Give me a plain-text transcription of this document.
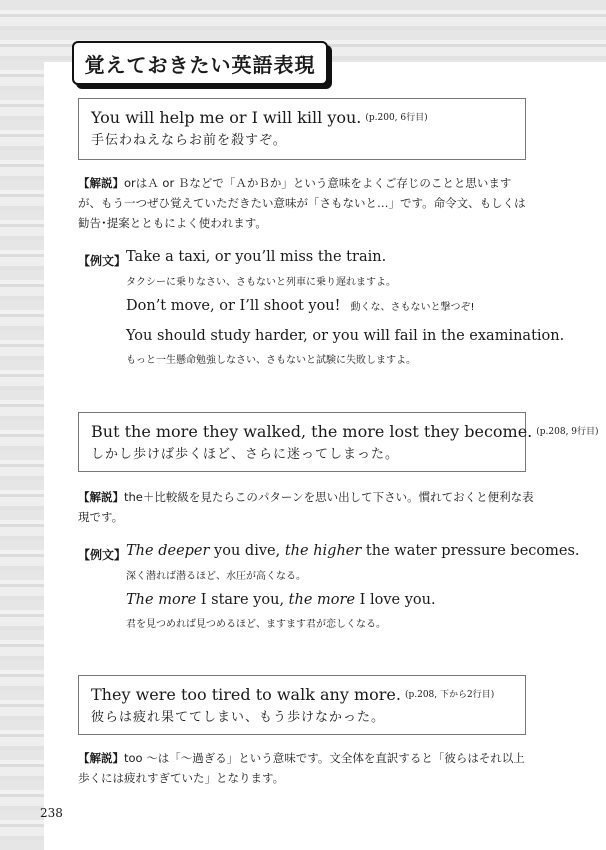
覚えておきたい英語表現
You will help me or I will kill you. (p.200, 6行目)
手伝わねえならお前を殺すぞ。
【解説】orはＡ or Ｂなどで「ＡかＢか」という意味をよくご存じのことと思いますが、もう一つぜひ覚えていただきたい意味が「さもないと…」です。命令文、もしくは勧告･提案とともによく使われます。
【例文】 Take a taxi, or you’ll miss the train.
タクシーに乗りなさい、さもないと列車に乗り遅れますよ。
Don’t move, or I’ll shoot you! 動くな、さもないと撃つぞ!
You should study harder, or you will fail in the examination.
もっと一生懸命勉強しなさい、さもないと試験に失敗しますよ。
But the more they walked, the more lost they become. (p.208, 9行目)
しかし歩けば歩くほど、さらに迷ってしまった。
【解説】the＋比較級を見たらこのパターンを思い出して下さい。慣れておくと便利な表現です。
【例文】 The deeper you dive, the higher the water pressure becomes.
深く潜れば潜るほど、水圧が高くなる。
The more I stare you, the more I love you.
君を見つめれば見つめるほど、ますます君が恋しくなる。
They were too tired to walk any more. (p.208, 下から2行目)
彼らは疲れ果ててしまい、もう歩けなかった。
【解説】too ～は「～過ぎる」という意味です。文全体を直訳すると「彼らはそれ以上歩くには疲れすぎていた」となります。
238
